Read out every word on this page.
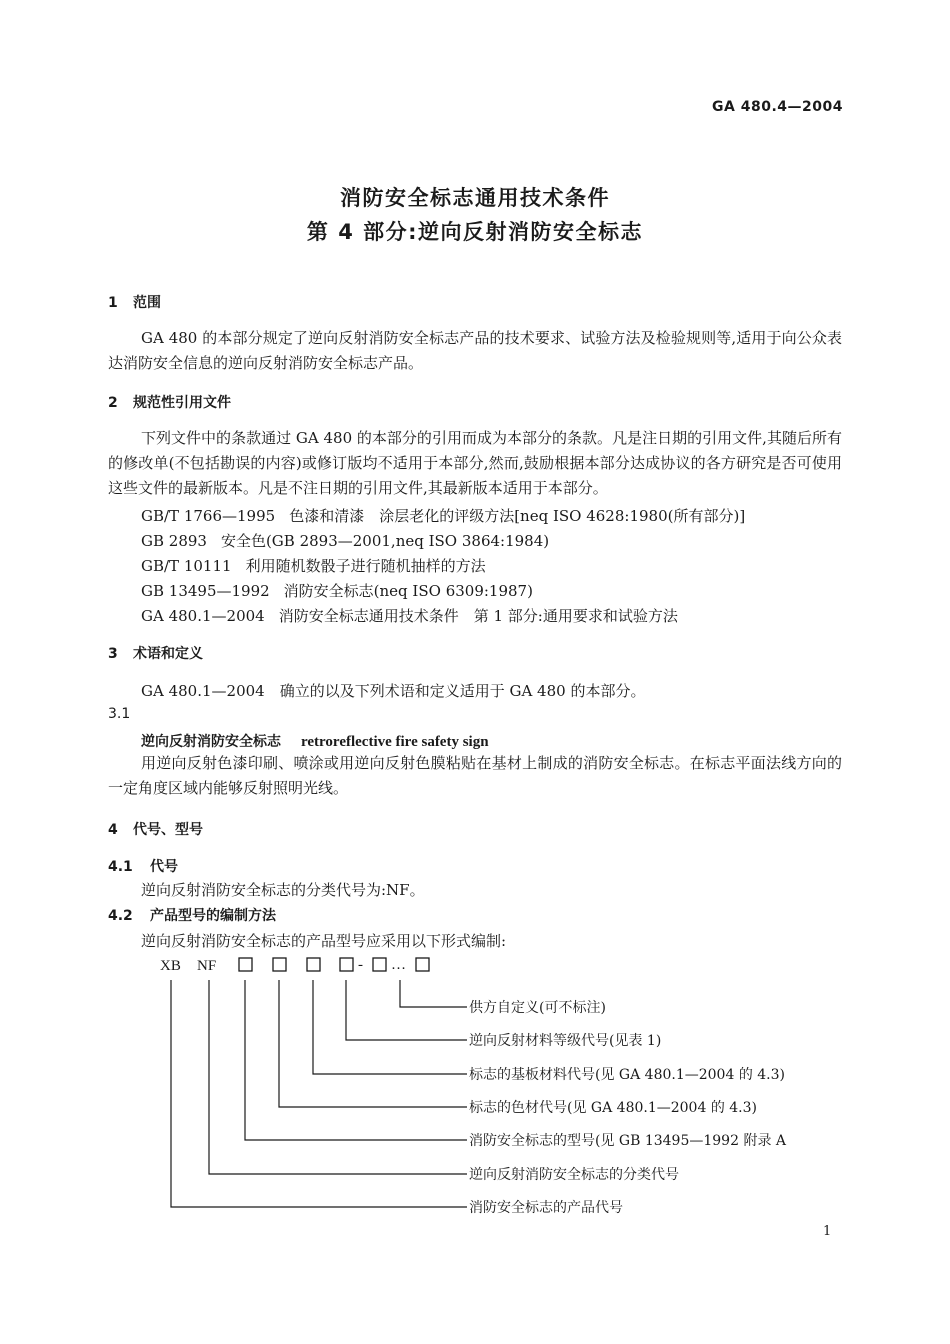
GA 480.4—2004
消防安全标志通用技术条件
第 4 部分:逆向反射消防安全标志
1 范围
GA 480 的本部分规定了逆向反射消防安全标志产品的技术要求、试验方法及检验规则等,适用于向公众表达消防安全信息的逆向反射消防安全标志产品。
2 规范性引用文件
下列文件中的条款通过 GA 480 的本部分的引用而成为本部分的条款。凡是注日期的引用文件,其随后所有的修改单(不包括勘误的内容)或修订版均不适用于本部分,然而,鼓励根据本部分达成协议的各方研究是否可使用这些文件的最新版本。凡是不注日期的引用文件,其最新版本适用于本部分。
GB/T 1766—1995 色漆和清漆　涂层老化的评级方法[neq ISO 4628:1980(所有部分)]
GB 2893 安全色(GB 2893—2001,neq ISO 3864:1984)
GB/T 10111 利用随机数骰子进行随机抽样的方法
GB 13495—1992 消防安全标志(neq ISO 6309:1987)
GA 480.1—2004 消防安全标志通用技术条件　第 1 部分:通用要求和试验方法
3 术语和定义
GA 480.1—2004　确立的以及下列术语和定义适用于 GA 480 的本部分。
3.1
逆向反射消防安全标志 retroreflective fire safety sign
用逆向反射色漆印刷、喷涂或用逆向反射色膜粘贴在基材上制成的消防安全标志。在标志平面法线方向的一定角度区域内能够反射照明光线。
4 代号、型号
4.1 代号
逆向反射消防安全标志的分类代号为:NF。
4.2 产品型号的编制方法
逆向反射消防安全标志的产品型号应采用以下形式编制:
XB NF	- …
供方自定义(可不标注)
逆向反射材料等级代号(见表 1)
标志的基板材料代号(见 GA 480.1—2004 的 4.3)
标志的色材代号(见 GA 480.1—2004 的 4.3)
消防安全标志的型号(见 GB 13495—1992 附录 A
逆向反射消防安全标志的分类代号
消防安全标志的产品代号
1
